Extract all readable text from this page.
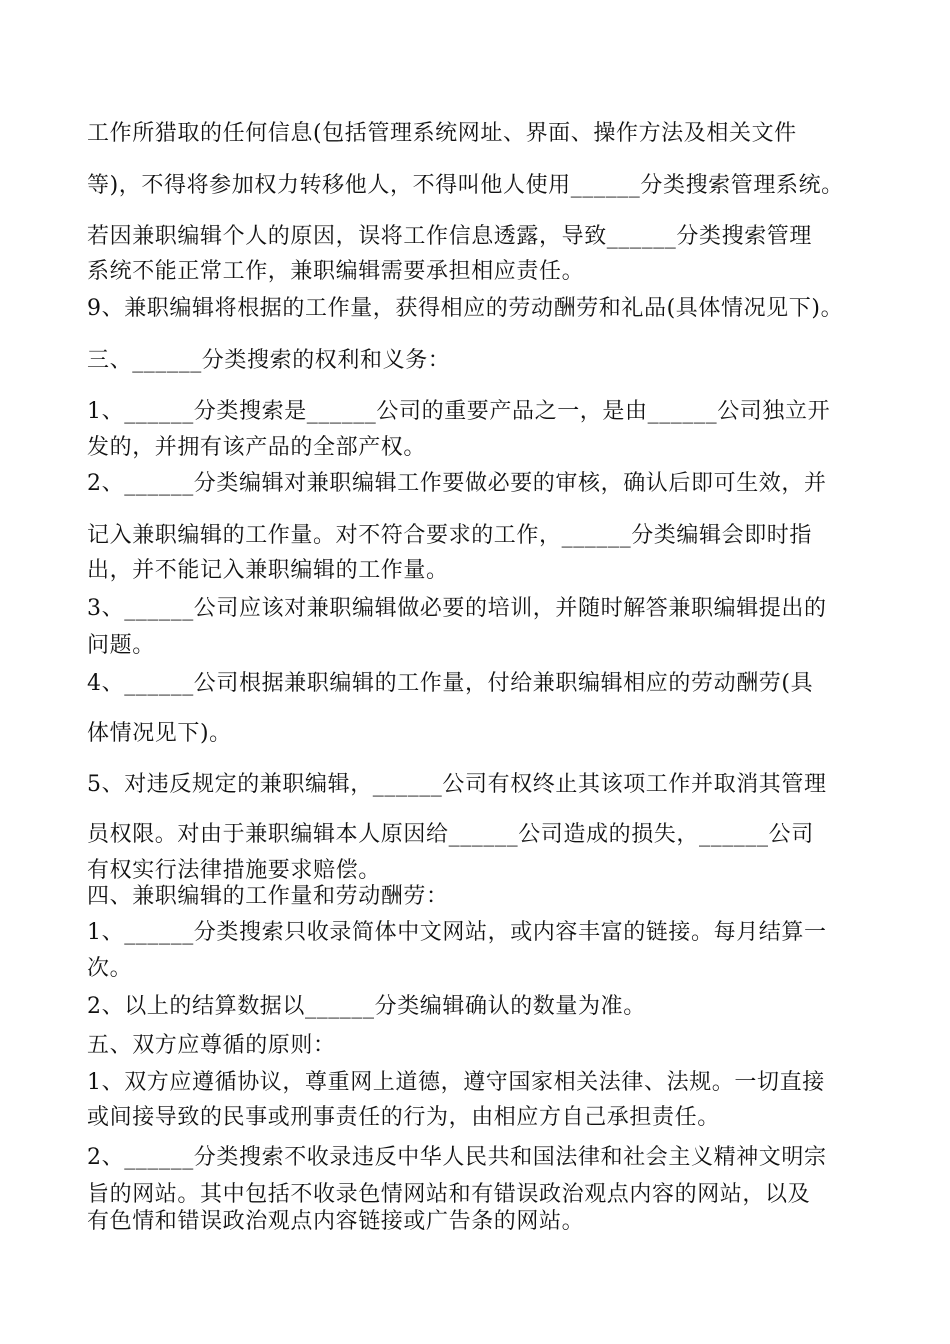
工作所猎取的任何信息(包括管理系统网址、界面、操作方法及相关文件
等)，不得将参加权力转移他人，不得叫他人使用______分类搜索管理系统。
若因兼职编辑个人的原因，误将工作信息透露，导致______分类搜索管理
系统不能正常工作，兼职编辑需要承担相应责任。
9、兼职编辑将根据的工作量，获得相应的劳动酬劳和礼品(具体情况见下)。
三、______分类搜索的权利和义务：
1、______分类搜索是______公司的重要产品之一，是由______公司独立开
发的，并拥有该产品的全部产权。
2、______分类编辑对兼职编辑工作要做必要的审核，确认后即可生效，并
记入兼职编辑的工作量。对不符合要求的工作，______分类编辑会即时指
出，并不能记入兼职编辑的工作量。
3、______公司应该对兼职编辑做必要的培训，并随时解答兼职编辑提出的
问题。
4、______公司根据兼职编辑的工作量，付给兼职编辑相应的劳动酬劳(具
体情况见下)。
5、对违反规定的兼职编辑，______公司有权终止其该项工作并取消其管理
员权限。对由于兼职编辑本人原因给______公司造成的损失，______公司
有权实行法律措施要求赔偿。
四、兼职编辑的工作量和劳动酬劳：
1、______分类搜索只收录简体中文网站，或内容丰富的链接。每月结算一
次。
2、以上的结算数据以______分类编辑确认的数量为准。
五、双方应尊循的原则：
1、双方应遵循协议，尊重网上道德，遵守国家相关法律、法规。一切直接
或间接导致的民事或刑事责任的行为，由相应方自己承担责任。
2、______分类搜索不收录违反中华人民共和国法律和社会主义精神文明宗
旨的网站。其中包括不收录色情网站和有错误政治观点内容的网站，以及
有色情和错误政治观点内容链接或广告条的网站。
